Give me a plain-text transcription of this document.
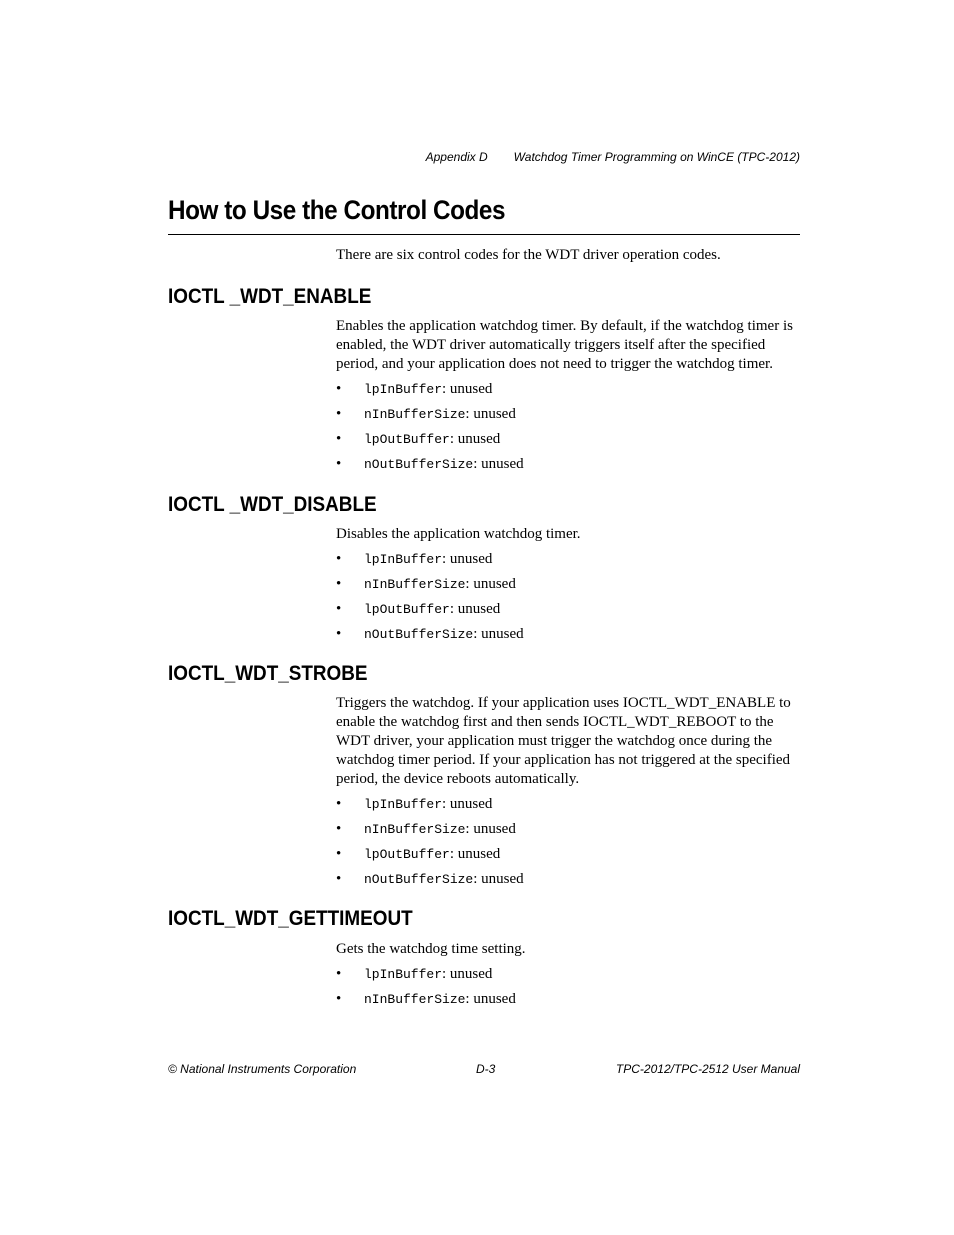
Appendix D Watchdog Timer Programming on WinCE (TPC-2012)
How to Use the Control Codes

There are six control codes for the WDT driver operation codes.

IOCTL _WDT_ENABLE

Enables the application watchdog timer. By default, if the watchdog timer is enabled, the WDT driver automatically triggers itself after the specified period, and your application does not need to trigger the watchdog timer.

• lpInBuffer: unused
• nInBufferSize: unused
• lpOutBuffer: unused
• nOutBufferSize: unused
IOCTL _WDT_DISABLE

Disables the application watchdog timer.

• lpInBuffer: unused
• nInBufferSize: unused
• lpOutBuffer: unused
• nOutBufferSize: unused
IOCTL_WDT_STROBE

Triggers the watchdog. If your application uses IOCTL_WDT_ENABLE to enable the watchdog first and then sends IOCTL_WDT_REBOOT to the WDT driver, your application must trigger the watchdog once during the watchdog timer period. If your application has not triggered at the specified period, the device reboots automatically.

• lpInBuffer: unused
• nInBufferSize: unused
• lpOutBuffer: unused
• nOutBufferSize: unused
IOCTL_WDT_GETTIMEOUT

Gets the watchdog time setting.

• lpInBuffer: unused
• nInBufferSize: unused
© National Instruments Corporation	D-3	TPC-2012/TPC-2512 User Manual
